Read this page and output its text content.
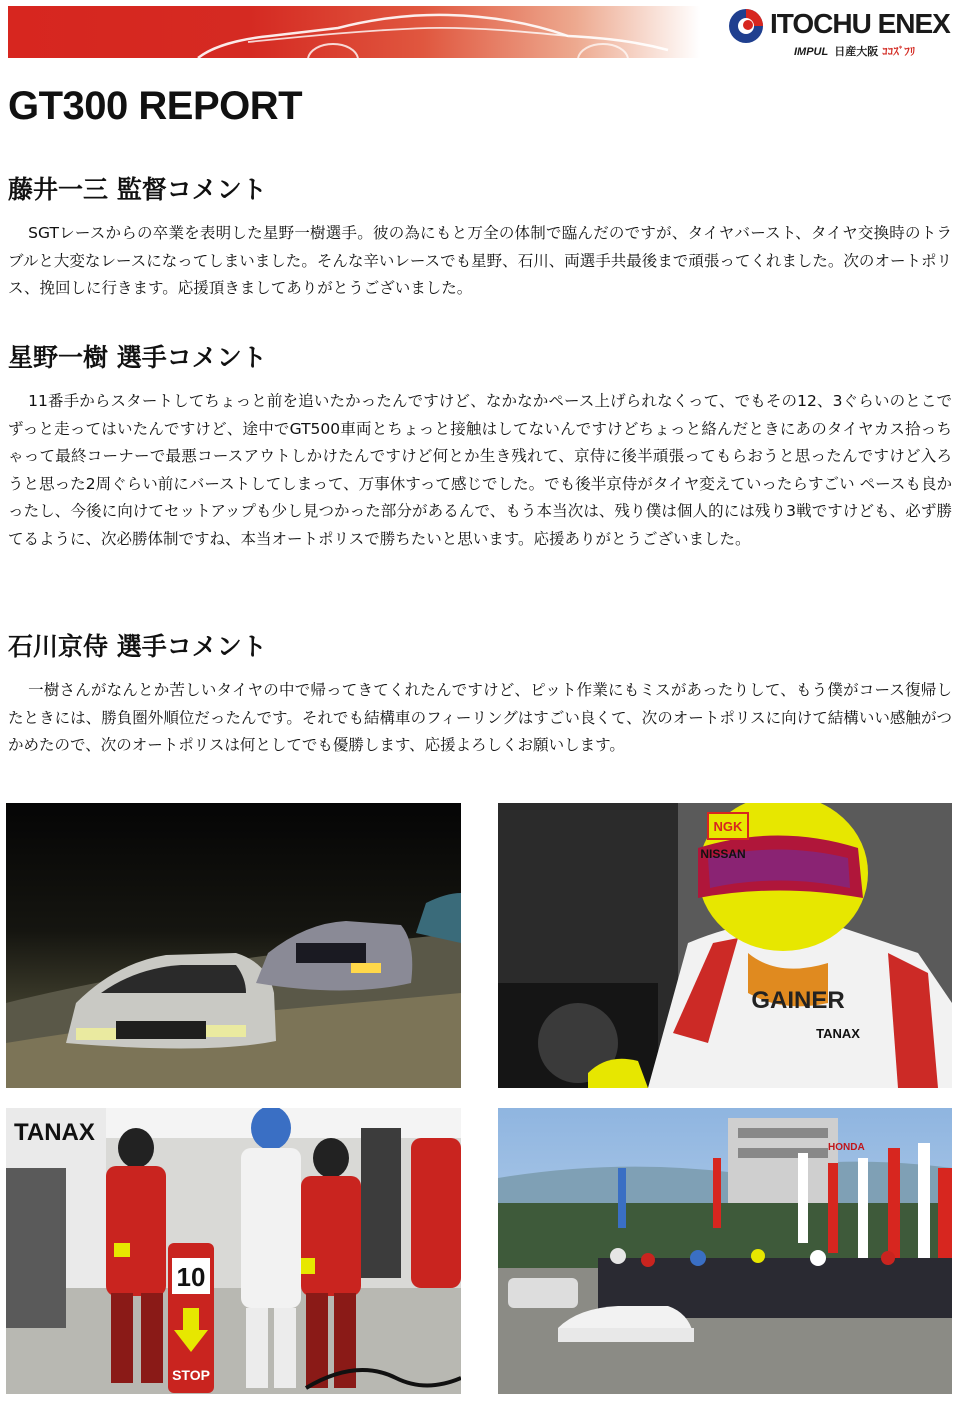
ITOCHU ENEX
IMPUL 日産大阪 ｺｺｽﾞﾌﾘ
GT300 REPORT
藤井一三 監督コメント

SGTレースからの卒業を表明した星野一樹選手。彼の為にもと万全の体制で臨んだのですが、タイヤバースト、タイヤ交換時のトラブルと大変なレースになってしまいました。そんな辛いレースでも星野、石川、両選手共最後まで頑張ってくれました。次のオートポリス、挽回しに行きます。応援頂きましてありがとうございました。

星野一樹 選手コメント

11番手からスタートしてちょっと前を追いたかったんですけど、なかなかペース上げられなくって、でもその12、3ぐらいのとこでずっと走ってはいたんですけど、途中でGT500車両とちょっと接触はしてないんですけどちょっと絡んだときにあのタイヤカス拾っちゃって最終コーナーで最悪コースアウトしかけたんですけど何とか生き残れて、京侍に後半頑張ってもらおうと思ったんですけど入ろうと思った2周ぐらい前にバーストしてしまって、万事休すって感じでした。でも後半京侍がタイヤ変えていったらすごい ペースも良かったし、今後に向けてセットアップも少し見つかった部分があるんで、もう本当次は、残り僕は個人的には残り3戦ですけども、必ず勝てるように、次必勝体制ですね、本当オートポリスで勝ちたいと思います。応援ありがとうございました。

石川京侍 選手コメント

一樹さんがなんとか苦しいタイヤの中で帰ってきてくれたんですけど、ピット作業にもミスがあったりして、もう僕がコース復帰したときには、勝負圏外順位だったんです。それでも結構車のフィーリングはすごい良くて、次のオートポリスに向けて結構いい感触がつかめたので、次のオートポリスは何としてでも優勝します、応援よろしくお願いします。

NGK
NISSAN
GAINER
TANAX
TANAX
10
STOP
HONDA
